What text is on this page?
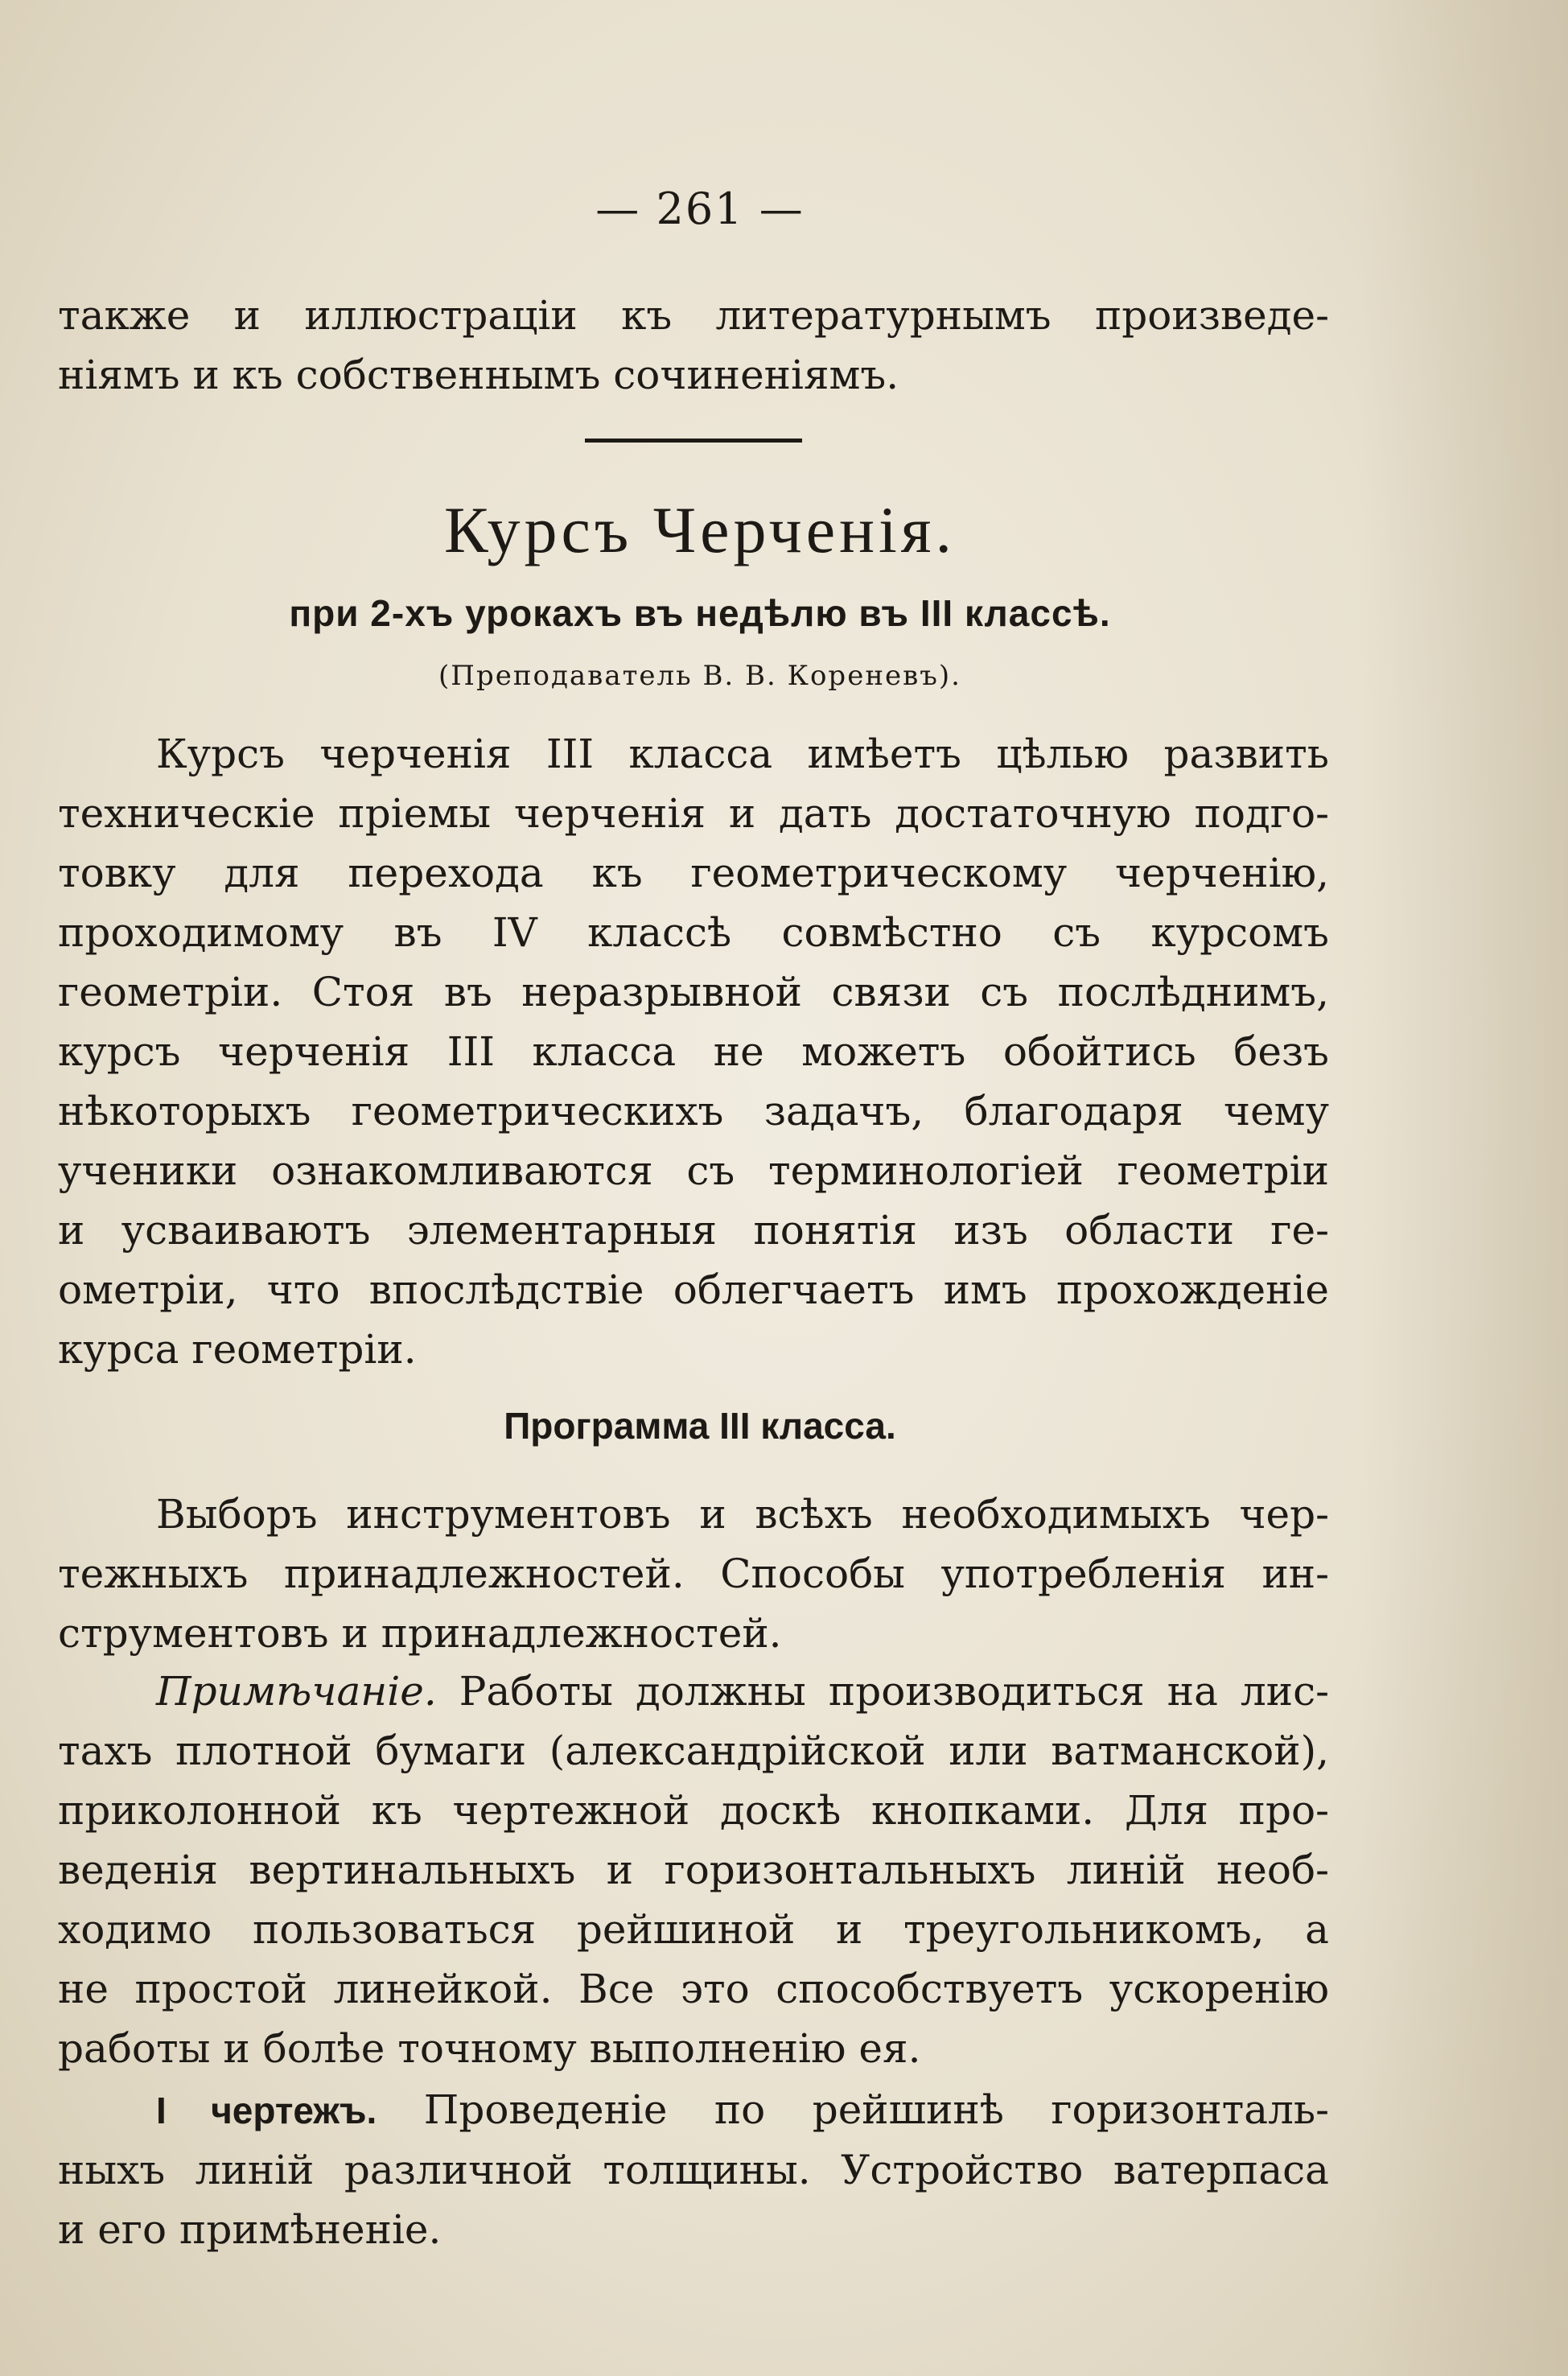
— 261 —
также и иллюстраціи къ литературнымъ произведе-
ніямъ и къ собственнымъ сочиненіямъ.
Курсъ Черченія.
при 2-хъ урокахъ въ недѣлю въ III классѣ.
(Преподаватель В. В. Кореневъ).
Курсъ черченія III класса имѣетъ цѣлью развить
техническіе пріемы черченія и дать достаточную подго-
товку для перехода къ геометрическому черченію,
проходимому въ IV классѣ совмѣстно съ курсомъ
геометріи. Стоя въ неразрывной связи съ послѣднимъ,
курсъ черченія III класса не можетъ обойтись безъ
нѣкоторыхъ геометрическихъ задачъ, благодаря чему
ученики ознакомливаются съ терминологіей геометріи
и усваиваютъ элементарныя понятія изъ области ге-
ометріи, что впослѣдствіе облегчаетъ имъ прохожденіе
курса геометріи.
Программа III класса.
Выборъ инструментовъ и всѣхъ необходимыхъ чер-
тежныхъ принадлежностей. Способы употребленія ин-
струментовъ и принадлежностей.
Примѣчаніе. Работы должны производиться на лис-
тахъ плотной бумаги (александрійской или ватманской),
приколонной къ чертежной доскѣ кнопками. Для про-
веденія вертинальныхъ и горизонтальныхъ линій необ-
ходимо пользоваться рейшиной и треугольникомъ, а
не простой линейкой. Все это способствуетъ ускоренію
работы и болѣе точному выполненію ея.
I чертежъ. Проведеніе по рейшинѣ горизонталь-
ныхъ линій различной толщины. Устройство ватерпаса
и его примѣненіе.
